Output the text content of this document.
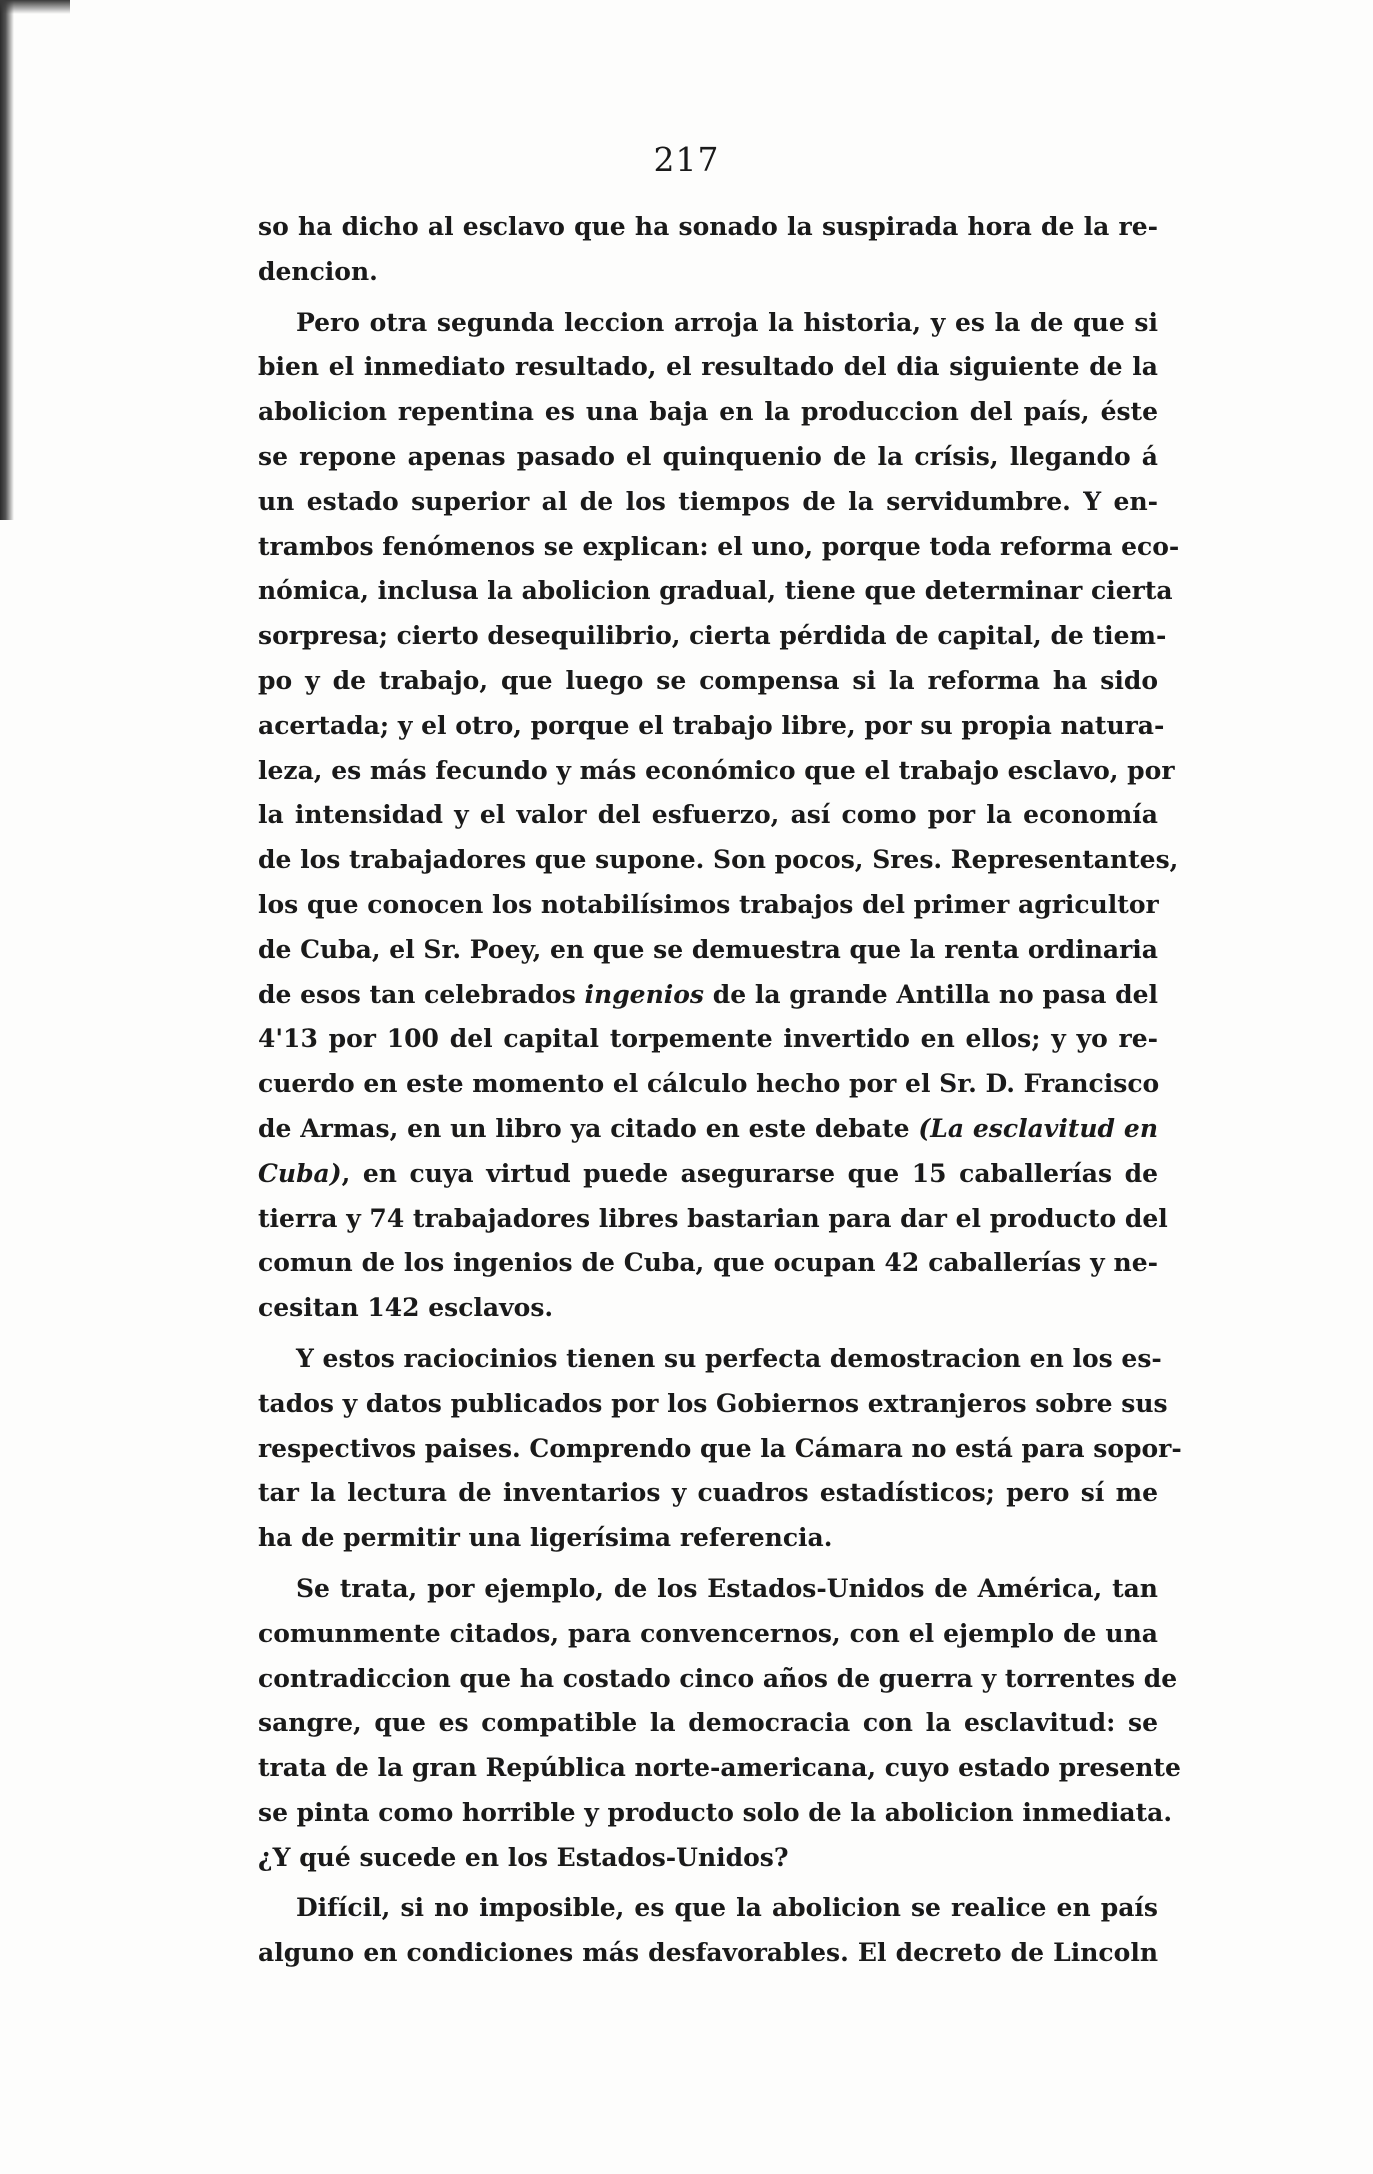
217
so ha dicho al esclavo que ha sonado la suspirada hora de la re-
dencion.
Pero otra segunda leccion arroja la historia, y es la de que si
bien el inmediato resultado, el resultado del dia siguiente de la
abolicion repentina es una baja en la produccion del país, éste
se repone apenas pasado el quinquenio de la crísis, llegando á
un estado superior al de los tiempos de la servidumbre. Y en-
trambos fenómenos se explican: el uno, porque toda reforma eco-
nómica, inclusa la abolicion gradual, tiene que determinar cierta
sorpresa; cierto desequilibrio, cierta pérdida de capital, de tiem-
po y de trabajo, que luego se compensa si la reforma ha sido
acertada; y el otro, porque el trabajo libre, por su propia natura-
leza, es más fecundo y más económico que el trabajo esclavo, por
la intensidad y el valor del esfuerzo, así como por la economía
de los trabajadores que supone. Son pocos, Sres. Representantes,
los que conocen los notabilísimos trabajos del primer agricultor
de Cuba, el Sr. Poey, en que se demuestra que la renta ordinaria
de esos tan celebrados ingenios de la grande Antilla no pasa del
4'13 por 100 del capital torpemente invertido en ellos; y yo re-
cuerdo en este momento el cálculo hecho por el Sr. D. Francisco
de Armas, en un libro ya citado en este debate (La esclavitud en
Cuba), en cuya virtud puede asegurarse que 15 caballerías de
tierra y 74 trabajadores libres bastarian para dar el producto del
comun de los ingenios de Cuba, que ocupan 42 caballerías y ne-
cesitan 142 esclavos.
Y estos raciocinios tienen su perfecta demostracion en los es-
tados y datos publicados por los Gobiernos extranjeros sobre sus
respectivos paises. Comprendo que la Cámara no está para sopor-
tar la lectura de inventarios y cuadros estadísticos; pero sí me
ha de permitir una ligerísima referencia.
Se trata, por ejemplo, de los Estados-Unidos de América, tan
comunmente citados, para convencernos, con el ejemplo de una
contradiccion que ha costado cinco años de guerra y torrentes de
sangre, que es compatible la democracia con la esclavitud: se
trata de la gran República norte-americana, cuyo estado presente
se pinta como horrible y producto solo de la abolicion inmediata.
¿Y qué sucede en los Estados-Unidos?
Difícil, si no imposible, es que la abolicion se realice en país
alguno en condiciones más desfavorables. El decreto de Lincoln
